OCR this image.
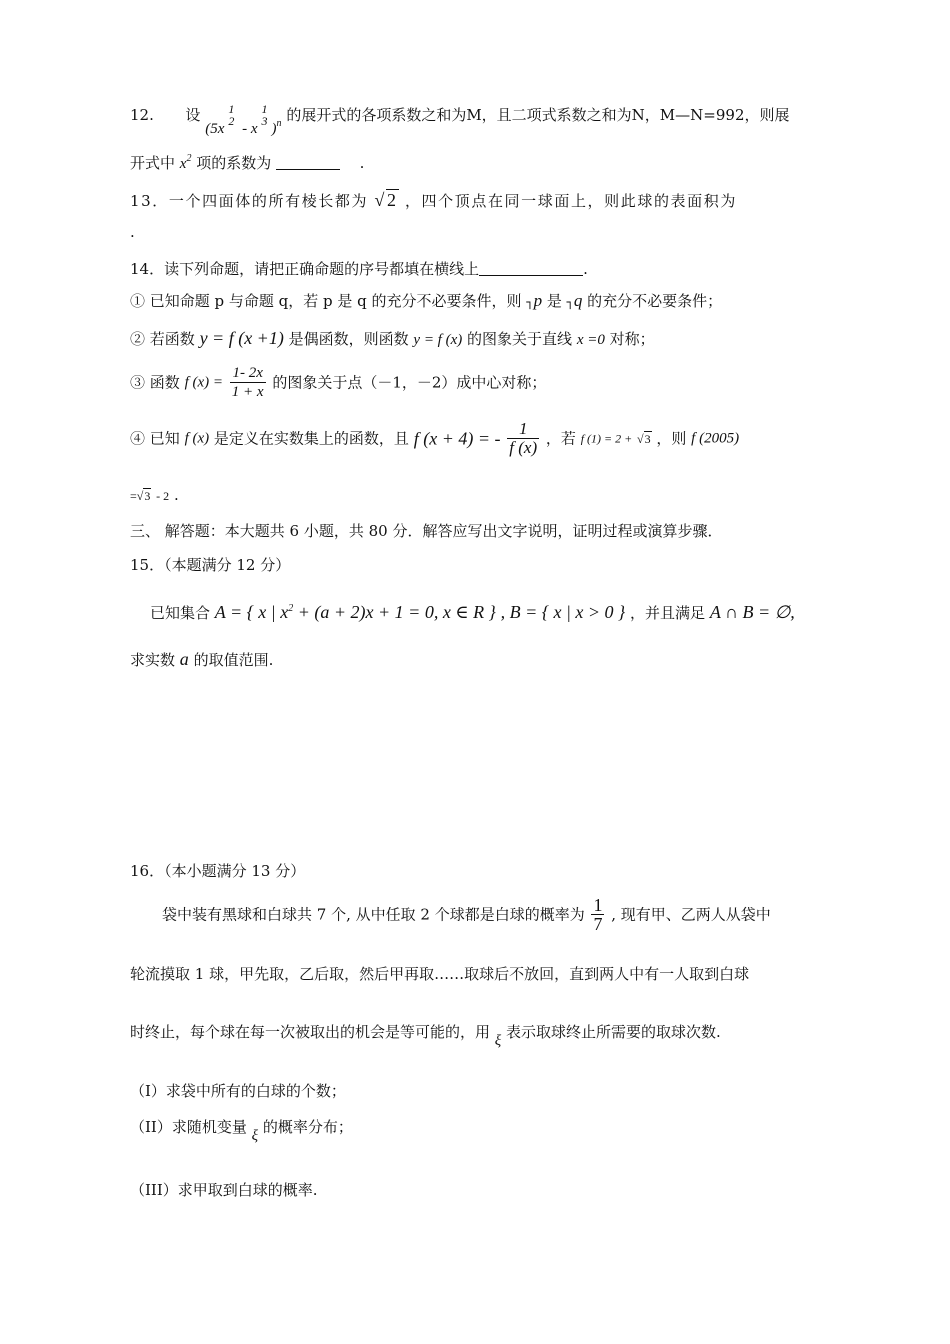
12. 设 (5x
1
2 - x
1
3 )$^n$ 的展开式的各项系数之和为M，且二项式系数之和为N，M—N=992，则展
开式中 $x^2$ 项的系数为	.
13．一个四面体的所有棱长都为 √2 ，四个顶点在同一球面上，则此球的表面积为
.
14．读下列命题，请把正确命题的序号都填在横线上	.
① 已知命题 p 与命题 q，若 p 是 q 的充分不必要条件，则 ┐p 是 ┐q 的充分不必要条件；
② 若函数 y = f (x +1) 是偶函数，则函数 y = f (x) 的图象关于直线 x =0 对称；
③ 函数 f $(x) = \frac{1- 2x}{1 + x}$ 的图象关于点（－1，－2）成中心对称；
④ 已知 f (x) 是定义在实数集上的函数，且 f (x + 4) = - $\frac{1}{f (x)}$ ，若 f (1) = 2 + √3 ，则 f (2005)
=√3 - 2 .
三、 解答题：本大题共 6 小题，共 80 分．解答应写出文字说明，证明过程或演算步骤．
15．（本题满分 12 分）
已知集合 A = { x | $x^2 + (a + 2)x + 1 = 0$, x ∈ R } , B = { x | x > 0 } ，并且满足 A ∩ B = ∅,
求实数 a 的取值范围.
16．（本小题满分 13 分）
袋中装有黑球和白球共 7 个, 从中任取 2 个球都是白球的概率为 $\frac{1}{7}$ , 现有甲、乙两人从袋中
轮流摸取 1 球，甲先取，乙后取，然后甲再取……取球后不放回，直到两人中有一人取到白球
时终止，每个球在每一次被取出的机会是等可能的，用 ξ 表示取球终止所需要的取球次数.
（I）求袋中所有的白球的个数；
（II）求随机变量 ξ 的概率分布；
（III）求甲取到白球的概率.
